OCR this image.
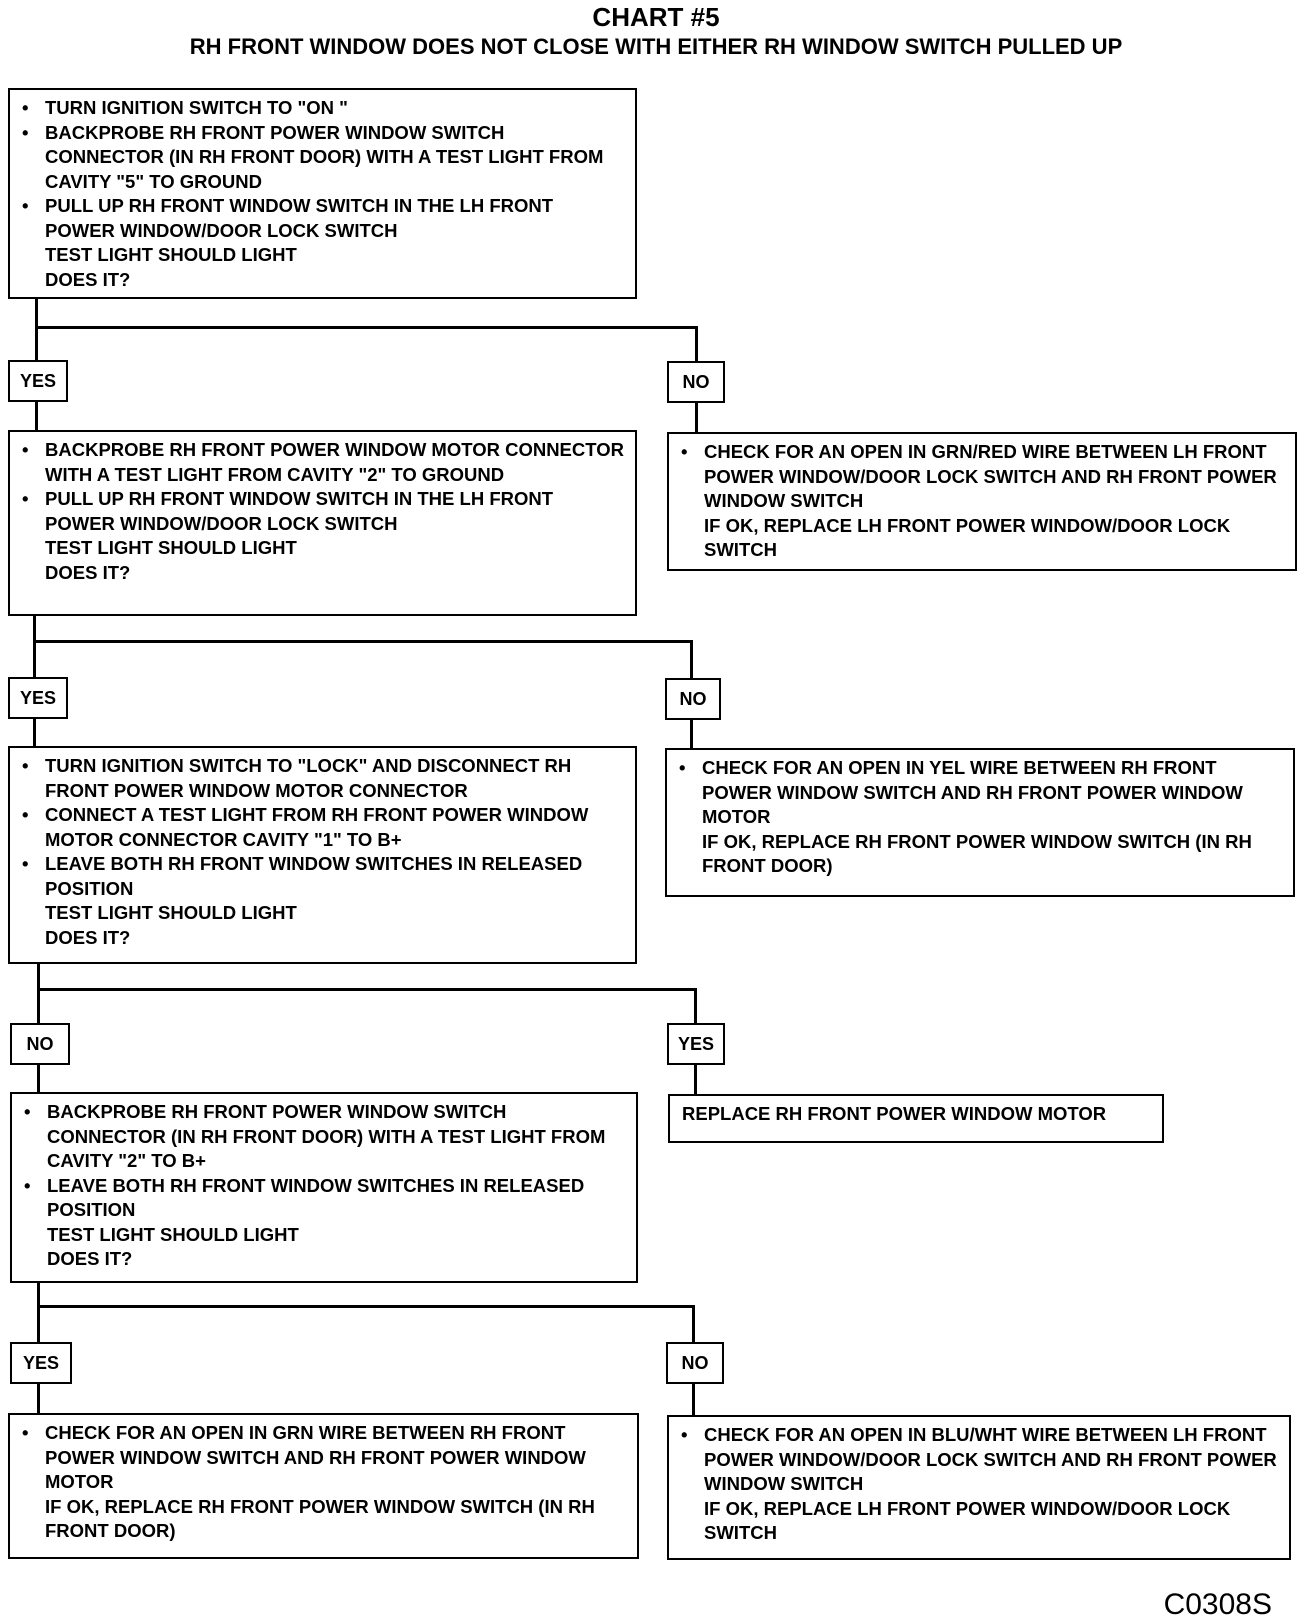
CHART #5
RH FRONT WINDOW DOES NOT CLOSE WITH EITHER RH WINDOW SWITCH PULLED UP
• TURN IGNITION SWITCH TO "ON "
• BACKPROBE RH FRONT POWER WINDOW SWITCH CONNECTOR (IN RH FRONT DOOR) WITH A TEST LIGHT FROM CAVITY "5" TO GROUND
• PULL UP RH FRONT WINDOW SWITCH IN THE LH FRONT POWER WINDOW/DOOR LOCK SWITCH
TEST LIGHT SHOULD LIGHT
DOES IT?
YES	NO
• CHECK FOR AN OPEN IN GRN/RED WIRE BETWEEN LH FRONT POWER WINDOW/DOOR LOCK SWITCH AND RH FRONT POWER WINDOW SWITCH
IF OK, REPLACE LH FRONT POWER WINDOW/DOOR LOCK SWITCH
• BACKPROBE RH FRONT POWER WINDOW MOTOR CONNECTOR WITH A TEST LIGHT FROM CAVITY "2" TO GROUND
• PULL UP RH FRONT WINDOW SWITCH IN THE LH FRONT POWER WINDOW/DOOR LOCK SWITCH
TEST LIGHT SHOULD LIGHT
DOES IT?
YES	NO
• CHECK FOR AN OPEN IN YEL WIRE BETWEEN RH FRONT POWER WINDOW SWITCH AND RH FRONT POWER WINDOW MOTOR
IF OK, REPLACE RH FRONT POWER WINDOW SWITCH (IN RH FRONT DOOR)
• TURN IGNITION SWITCH TO "LOCK" AND DISCONNECT RH FRONT POWER WINDOW MOTOR CONNECTOR
• CONNECT A TEST LIGHT FROM RH FRONT POWER WINDOW MOTOR CONNECTOR CAVITY "1" TO B+
• LEAVE BOTH RH FRONT WINDOW SWITCHES IN RELEASED POSITION
TEST LIGHT SHOULD LIGHT
DOES IT?
NO	YES
REPLACE RH FRONT POWER WINDOW MOTOR
• BACKPROBE RH FRONT POWER WINDOW SWITCH CONNECTOR (IN RH FRONT DOOR) WITH A TEST LIGHT FROM CAVITY "2" TO B+
• LEAVE BOTH RH FRONT WINDOW SWITCHES IN RELEASED POSITION
TEST LIGHT SHOULD LIGHT
DOES IT?
YES	NO
• CHECK FOR AN OPEN IN GRN WIRE BETWEEN RH FRONT POWER WINDOW SWITCH AND RH FRONT POWER WINDOW MOTOR
IF OK, REPLACE RH FRONT POWER WINDOW SWITCH (IN RH FRONT DOOR)
• CHECK FOR AN OPEN IN BLU/WHT WIRE BETWEEN LH FRONT POWER WINDOW/DOOR LOCK SWITCH AND RH FRONT POWER WINDOW SWITCH
IF OK, REPLACE LH FRONT POWER WINDOW/DOOR LOCK SWITCH
C0308S
